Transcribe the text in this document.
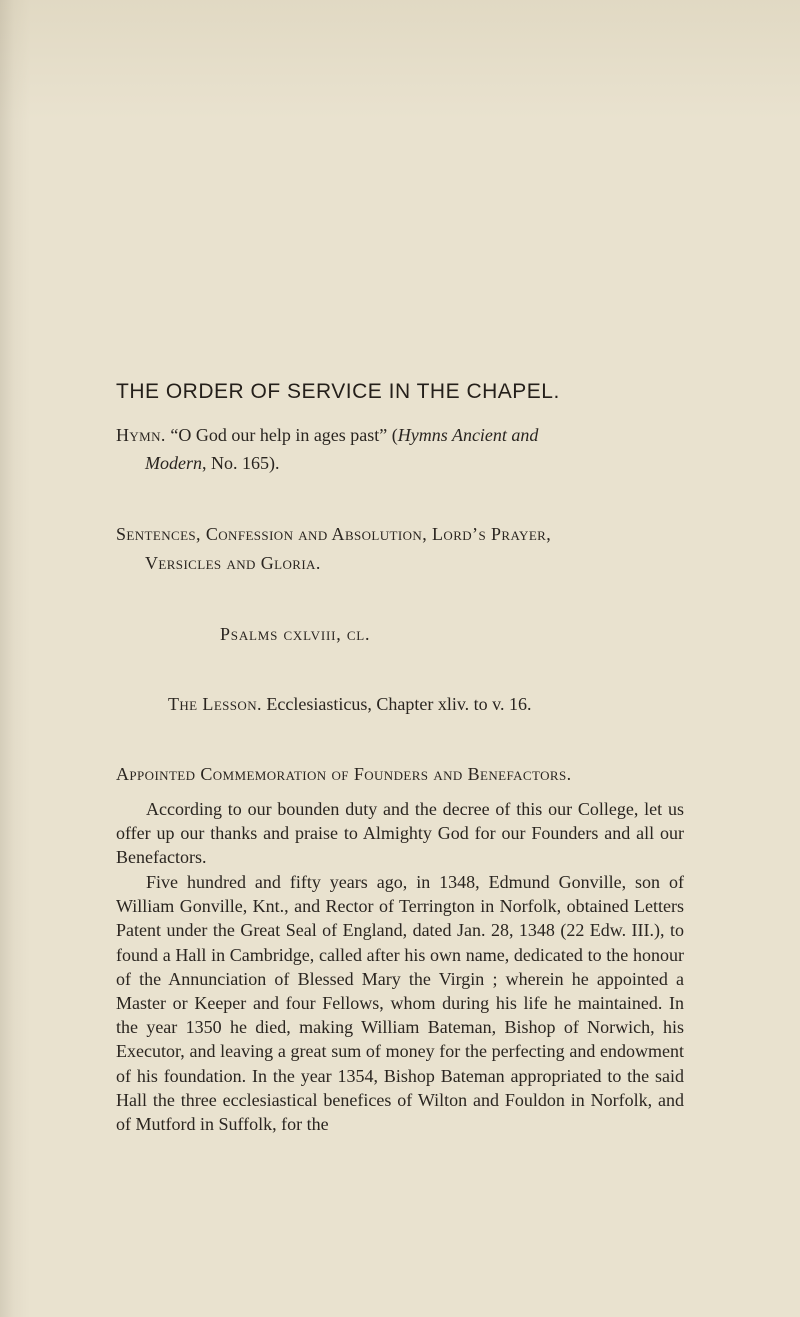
THE ORDER OF SERVICE IN THE CHAPEL.
Hymn. “O God our help in ages past” (Hymns Ancient and
Modern, No. 165).
Sentences, Confession and Absolution, Lord’s Prayer,
Versicles and Gloria.
Psalms cxlviii, cl.
The Lesson. Ecclesiasticus, Chapter xliv. to v. 16.
Appointed Commemoration of Founders and Benefactors.

According to our bounden duty and the decree of this our College, let us offer up our thanks and praise to Almighty God for our Founders and all our Benefactors.

Five hundred and fifty years ago, in 1348, Edmund Gonville, son of William Gonville, Knt., and Rector of Terrington in Norfolk, obtained Letters Patent under the Great Seal of England, dated Jan. 28, 1348 (22 Edw. III.), to found a Hall in Cambridge, called after his own name, dedicated to the honour of the Annunciation of Blessed Mary the Virgin ; wherein he appointed a Master or Keeper and four Fellows, whom during his life he maintained. In the year 1350 he died, making William Bateman, Bishop of Norwich, his Executor, and leaving a great sum of money for the perfecting and endowment of his foundation. In the year 1354, Bishop Bateman appropriated to the said Hall the three ecclesiastical benefices of Wilton and Fouldon in Norfolk, and of Mutford in Suffolk, for the
